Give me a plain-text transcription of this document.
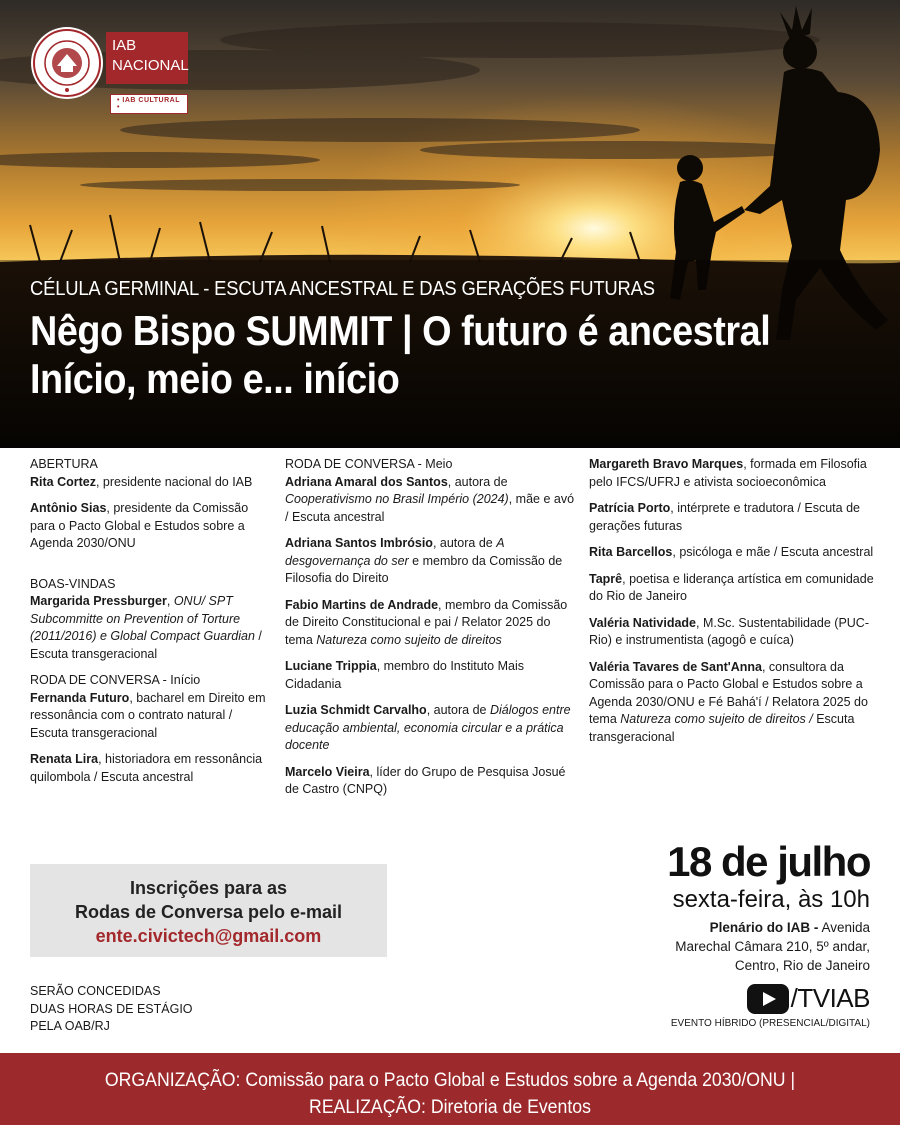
IAB
NACIONAL
• IAB CULTURAL •
CÉLULA GERMINAL - ESCUTA ANCESTRAL E DAS GERAÇÕES FUTURAS
Nêgo Bispo SUMMIT | O futuro é ancestral
Início, meio e... início
ABERTURA
Rita Cortez, presidente nacional do IAB
Antônio Sias, presidente da Comissão para o Pacto Global e Estudos sobre a Agenda 2030/ONU
BOAS-VINDAS
Margarida Pressburger, ONU/ SPT Subcommitte on Prevention of Torture (2011/2016) e Global Compact Guardian / Escuta transgeracional
RODA DE CONVERSA - Início
Fernanda Futuro, bacharel em Direito em ressonância com o contrato natural / Escuta transgeracional
Renata Lira, historiadora em ressonância quilombola / Escuta ancestral
RODA DE CONVERSA - Meio
Adriana Amaral dos Santos, autora de Cooperativismo no Brasil Império (2024), mãe e avó / Escuta ancestral
Adriana Santos Imbrósio, autora de A desgovernança do ser e membro da Comissão de Filosofia do Direito
Fabio Martins de Andrade, membro da Comissão de Direito Constitucional e pai / Relator 2025 do tema Natureza como sujeito de direitos
Luciane Trippia, membro do Instituto Mais Cidadania
Luzia Schmidt Carvalho, autora de Diálogos entre educação ambiental, economia circular e a prática docente
Marcelo Vieira, líder do Grupo de Pesquisa Josué de Castro (CNPQ)
Margareth Bravo Marques, formada em Filosofia pelo IFCS/UFRJ e ativista socioeconômica
Patrícia Porto, intérprete e tradutora / Escuta de gerações futuras
Rita Barcellos, psicóloga e mãe / Escuta ancestral
Taprê, poetisa e liderança artística em comunidade do Rio de Janeiro
Valéria Natividade, M.Sc. Sustentabilidade (PUC-Rio) e instrumentista (agogô e cuíca)
Valéria Tavares de Sant'Anna, consultora da Comissão para o Pacto Global e Estudos sobre a Agenda 2030/ONU e Fé Bahá'í / Relatora 2025 do tema Natureza como sujeito de direitos / Escuta transgeracional
Inscrições para as
Rodas de Conversa pelo e-mail
ente.civictech@gmail.com
SERÃO CONCEDIDAS
DUAS HORAS DE ESTÁGIO
PELA OAB/RJ
18 de julho
sexta-feira, às 10h
Plenário do IAB - Avenida
Marechal Câmara 210, 5º andar,
Centro, Rio de Janeiro
/TVIAB
EVENTO HÍBRIDO (PRESENCIAL/DIGITAL)
ORGANIZAÇÃO: Comissão para o Pacto Global e Estudos sobre a Agenda 2030/ONU |
REALIZAÇÃO: Diretoria de Eventos
